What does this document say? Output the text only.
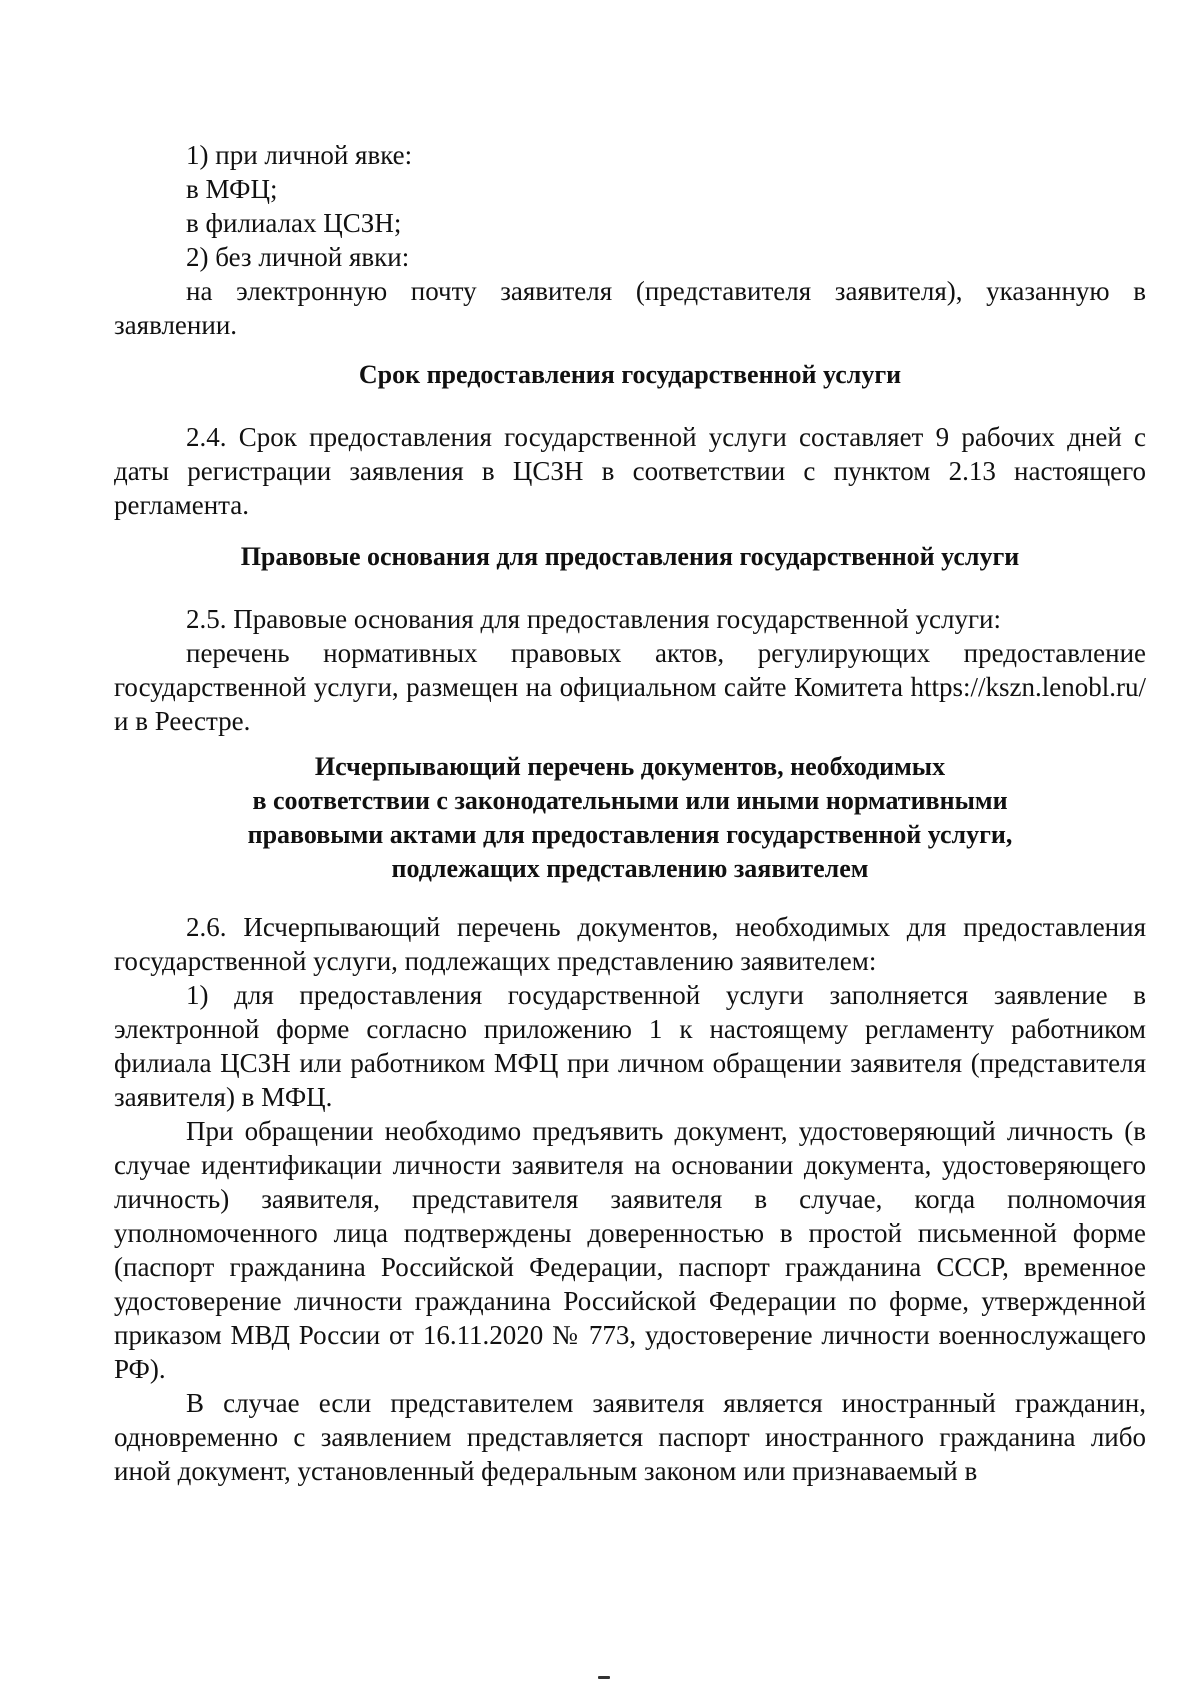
1) при личной явке:

в МФЦ;

в филиалах ЦСЗН;

2) без личной явки:

на электронную почту заявителя (представителя заявителя), указанную в заявлении.

Срок предоставления государственной услуги

2.4. Срок предоставления государственной услуги составляет 9 рабочих дней с даты регистрации заявления в ЦСЗН в соответствии с пунктом 2.13 настоящего регламента.

Правовые основания для предоставления государственной услуги

2.5. Правовые основания для предоставления государственной услуги:

перечень нормативных правовых актов, регулирующих предоставление государственной услуги, размещен на официальном сайте Комитета https://kszn.lenobl.ru/ и в Реестре.

Исчерпывающий перечень документов, необходимых
в соответствии с законодательными или иными нормативными
правовыми актами для предоставления государственной услуги,
подлежащих представлению заявителем

2.6. Исчерпывающий перечень документов, необходимых для предоставления государственной услуги, подлежащих представлению заявителем:

1) для предоставления государственной услуги заполняется заявление в электронной форме согласно приложению 1 к настоящему регламенту работником филиала ЦСЗН или работником МФЦ при личном обращении заявителя (представителя заявителя) в МФЦ.

При обращении необходимо предъявить документ, удостоверяющий личность (в случае идентификации личности заявителя на основании документа, удостоверяющего личность) заявителя, представителя заявителя в случае, когда полномочия уполномоченного лица подтверждены доверенностью в простой письменной форме (паспорт гражданина Российской Федерации, паспорт гражданина СССР, временное удостоверение личности гражданина Российской Федерации по форме, утвержденной приказом МВД России от 16.11.2020 № 773, удостоверение личности военнослужащего РФ).

В случае если представителем заявителя является иностранный гражданин, одновременно с заявлением представляется паспорт иностранного гражданина либо иной документ, установленный федеральным законом или признаваемый в
